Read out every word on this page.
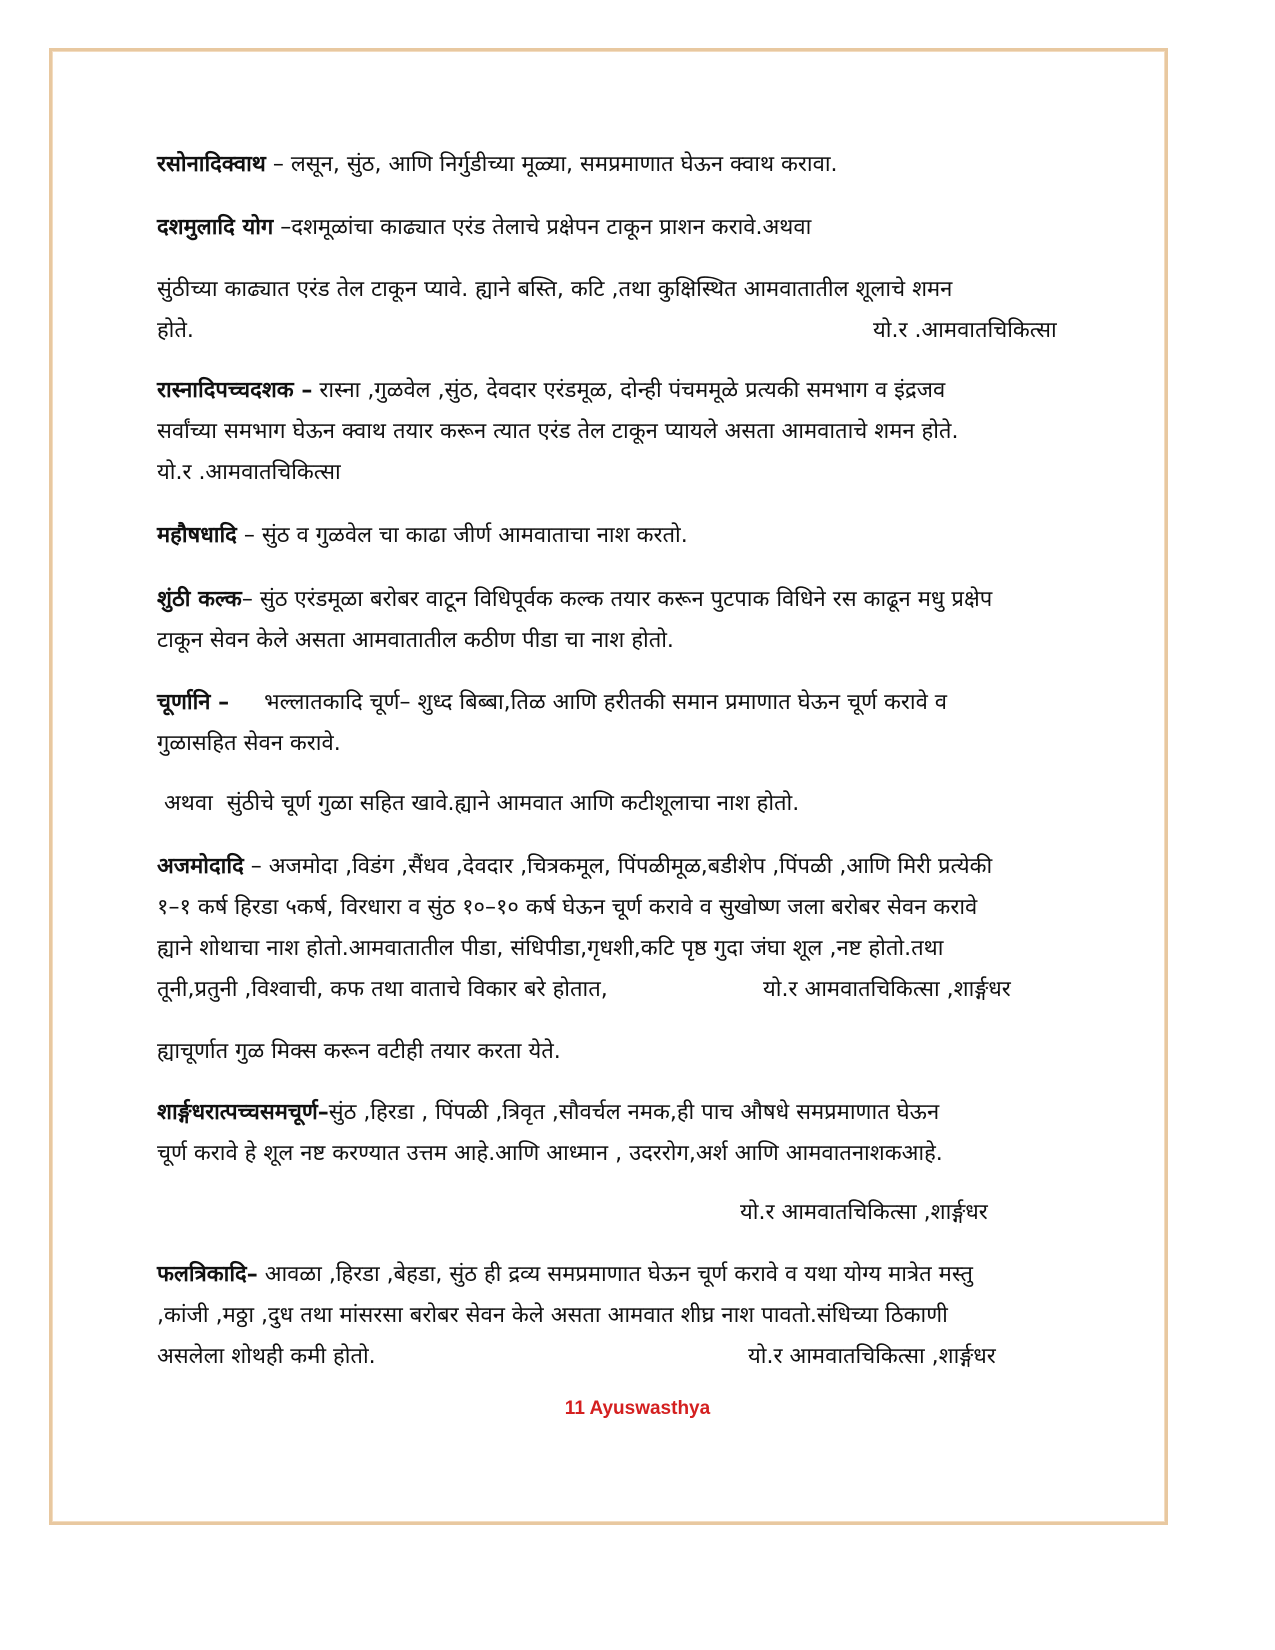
रसोनादिक्वाथ – लसून, सुंठ, आणि निर्गुडीच्या मूळ्या, समप्रमाणात घेऊन क्वाथ करावा.
दशमुलादि योग –दशमूळांचा काढ्यात एरंड तेलाचे प्रक्षेपन टाकून प्राशन करावे.अथवा
सुंठीच्या काढ्यात एरंड तेल टाकून प्यावे. ह्याने बस्ति, कटि ,तथा कुक्षिस्थित आमवातातील शूलाचे शमन
होते.	यो.र .आमवातचिकित्सा
रास्नादिपच्चदशक – रास्ना ,गुळवेल ,सुंठ, देवदार एरंडमूळ, दोन्ही पंचममूळे प्रत्यकी समभाग व इंद्रजव
सर्वांच्या समभाग घेऊन क्वाथ तयार करून त्यात एरंड तेल टाकून प्यायले असता आमवाताचे शमन होते.
यो.र .आमवातचिकित्सा
महौषधादि – सुंठ व गुळवेल चा काढा जीर्ण आमवाताचा नाश करतो.
शुंठी कल्क– सुंठ एरंडमूळा बरोबर वाटून विधिपूर्वक कल्क तयार करून पुटपाक विधिने रस काढून मधु प्रक्षेप
टाकून सेवन केले असता आमवातातील कठीण पीडा चा नाश होतो.
चूर्णानि –     भल्लातकादि चूर्ण– शुध्द बिब्बा,तिळ आणि हरीतकी समान प्रमाणात घेऊन चूर्ण करावे व
गुळासहित सेवन करावे.
अथवा  सुंठीचे चूर्ण गुळा सहित खावे.ह्याने आमवात आणि कटीशूलाचा नाश होतो.
अजमोदादि – अजमोदा ,विडंग ,सैंधव ,देवदार ,चित्रकमूल, पिंपळीमूळ,बडीशेप ,पिंपळी ,आणि मिरी प्रत्येकी
१–१ कर्ष हिरडा ५कर्ष, विरधारा व सुंठ १०–१० कर्ष घेऊन चूर्ण करावे व सुखोष्ण जला बरोबर सेवन करावे
ह्याने शोथाचा नाश होतो.आमवातातील पीडा, संधिपीडा,गृधशी,कटि पृष्ठ गुदा जंघा शूल ,नष्ट होतो.तथा
तूनी,प्रतुनी ,विश्वाची, कफ तथा वाताचे विकार बरे होतात,	यो.र आमवातचिकित्सा ,शार्ङ्गधर
ह्याचूर्णात गुळ मिक्स करून वटीही तयार करता येते.
शार्ङ्गधरात्पच्चसमचूर्ण–सुंठ ,हिरडा , पिंपळी ,त्रिवृत ,सौवर्चल नमक,ही पाच औषधे समप्रमाणात घेऊन
चूर्ण करावे हे शूल नष्ट करण्यात उत्तम आहे.आणि आध्मान , उदररोग,अर्श आणि आमवातनाशकआहे.
यो.र आमवातचिकित्सा ,शार्ङ्गधर
फलत्रिकादि– आवळा ,हिरडा ,बेहडा, सुंठ ही द्रव्य समप्रमाणात घेऊन चूर्ण करावे व यथा योग्य मात्रेत मस्तु
,कांजी ,मठ्ठा ,दुध तथा मांसरसा बरोबर सेवन केले असता आमवात शीघ्र नाश पावतो.संधिच्या ठिकाणी
असलेला शोथही कमी होतो.	यो.र आमवातचिकित्सा ,शार्ङ्गधर
11 Ayuswasthya
